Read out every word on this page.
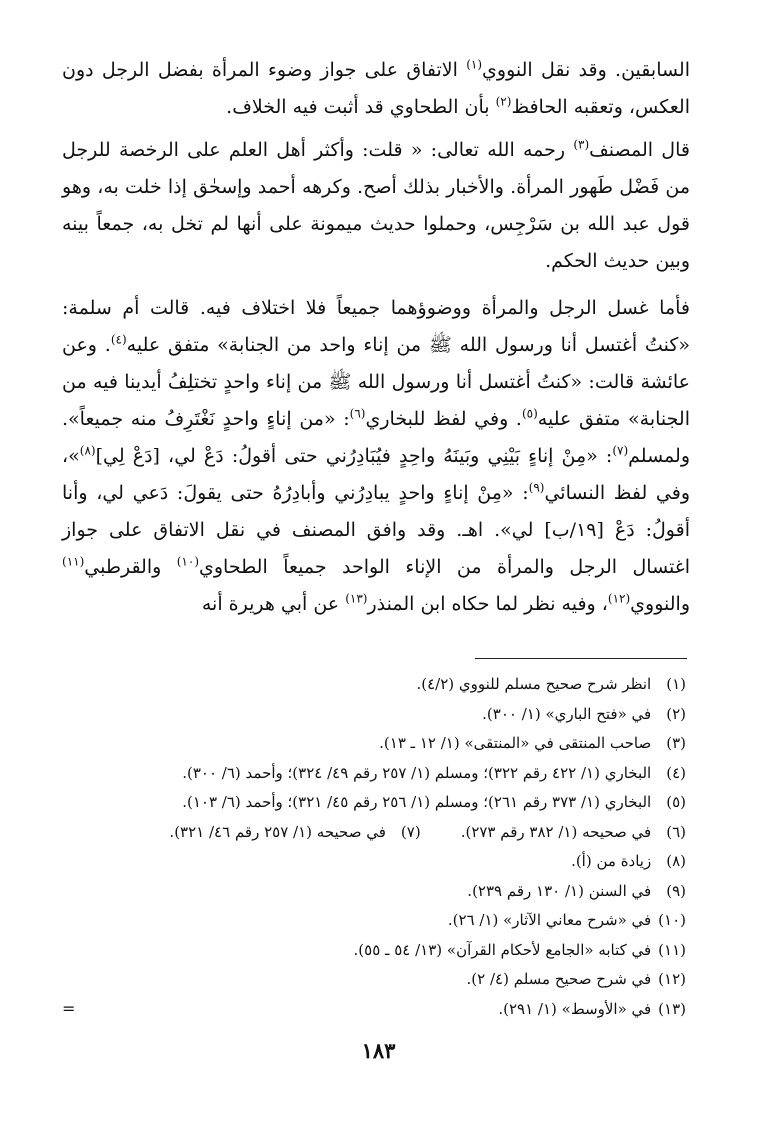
السابقين. وقد نقل النووي$^{(١)}$ الاتفاق على جواز وضوء المرأة بفضل الرجل دون العكس، وتعقبه الحافظ$^{(٢)}$ بأن الطحاوي قد أثبت فيه الخلاف.

قال المصنف$^{(٣)}$ رحمه الله تعالى: « قلت: وأكثر أهل العلم على الرخصة للرجل من فَضْل طَهور المرأة. والأخبار بذلك أصح. وكرهه أحمد وإسحٰق إذا خلت به، وهو قول عبد الله بن سَرْجِس، وحملوا حديث ميمونة على أنها لم تخل به، جمعاً بينه وبين حديث الحكم.

فأما غسل الرجل والمرأة ووضوؤهما جميعاً فلا اختلاف فيه. قالت أم سلمة: «كنتُ أغتسل أنا ورسول الله ﷺ من إناء واحد من الجنابة» متفق عليه$^{(٤)}$. وعن عائشة قالت: «كنتُ أغتسل أنا ورسول الله ﷺ من إناء واحدٍ تختلِفُ أيدينا فيه من الجنابة» متفق عليه$^{(٥)}$. وفي لفظ للبخاري$^{(٦)}$: «من إناءٍ واحدٍ نَغْتَرِفُ منه جميعاً». ولمسلم$^{(٧)}$: «مِنْ إناءٍ بَيْنِي وبَينَهُ واحِدٍ فيُبَادِرُني حتى أقولُ: دَعْ لي، [دَعْ لِي]$^{(٨)}$»، وفي لفظ النسائي$^{(٩)}$: «مِنْ إناءٍ واحدٍ يبادِرُني وأبادِرُهُ حتى يقولَ: دَعي لي، وأنا أقولُ: دَعْ [١٩/ب] لي». اهـ. وقد وافق المصنف في نقل الاتفاق على جواز اغتسال الرجل والمرأة من الإناء الواحد جميعاً الطحاوي$^{(١٠)}$ والقرطبي$^{(١١)}$ والنووي$^{(١٢)}$، وفيه نظر لما حكاه ابن المنذر$^{(١٣)}$ عن أبي هريرة أنه

(١) انظر شرح صحيح مسلم للنووي (٤/٢).
(٢) في «فتح الباري» (١/ ٣٠٠).
(٣) صاحب المنتقى في «المنتقى» (١/ ١٢ ـ ١٣).
(٤) البخاري (١/ ٤٢٢ رقم ٣٢٢)؛ ومسلم (١/ ٢٥٧ رقم ٤٩/ ٣٢٤)؛ وأحمد (٦/ ٣٠٠).
(٥) البخاري (١/ ٣٧٣ رقم ٢٦١)؛ ومسلم (١/ ٢٥٦ رقم ٤٥/ ٣٢١)؛ وأحمد (٦/ ١٠٣).
(٦) في صحيحه (١/ ٣٨٢ رقم ٢٧٣).
(٧) في صحيحه (١/ ٢٥٧ رقم ٤٦/ ٣٢١).
(٨) زيادة من (أ).
(٩) في السنن (١/ ١٣٠ رقم ٢٣٩).
(١٠) في «شرح معاني الآثار» (١/ ٢٦).
(١١) في كتابه «الجامع لأحكام القرآن» (١٣/ ٥٤ ـ ٥٥).
(١٢) في شرح صحيح مسلم (٤/ ٢).
(١٣) في «الأوسط» (١/ ٢٩١).
=
١٨٣
